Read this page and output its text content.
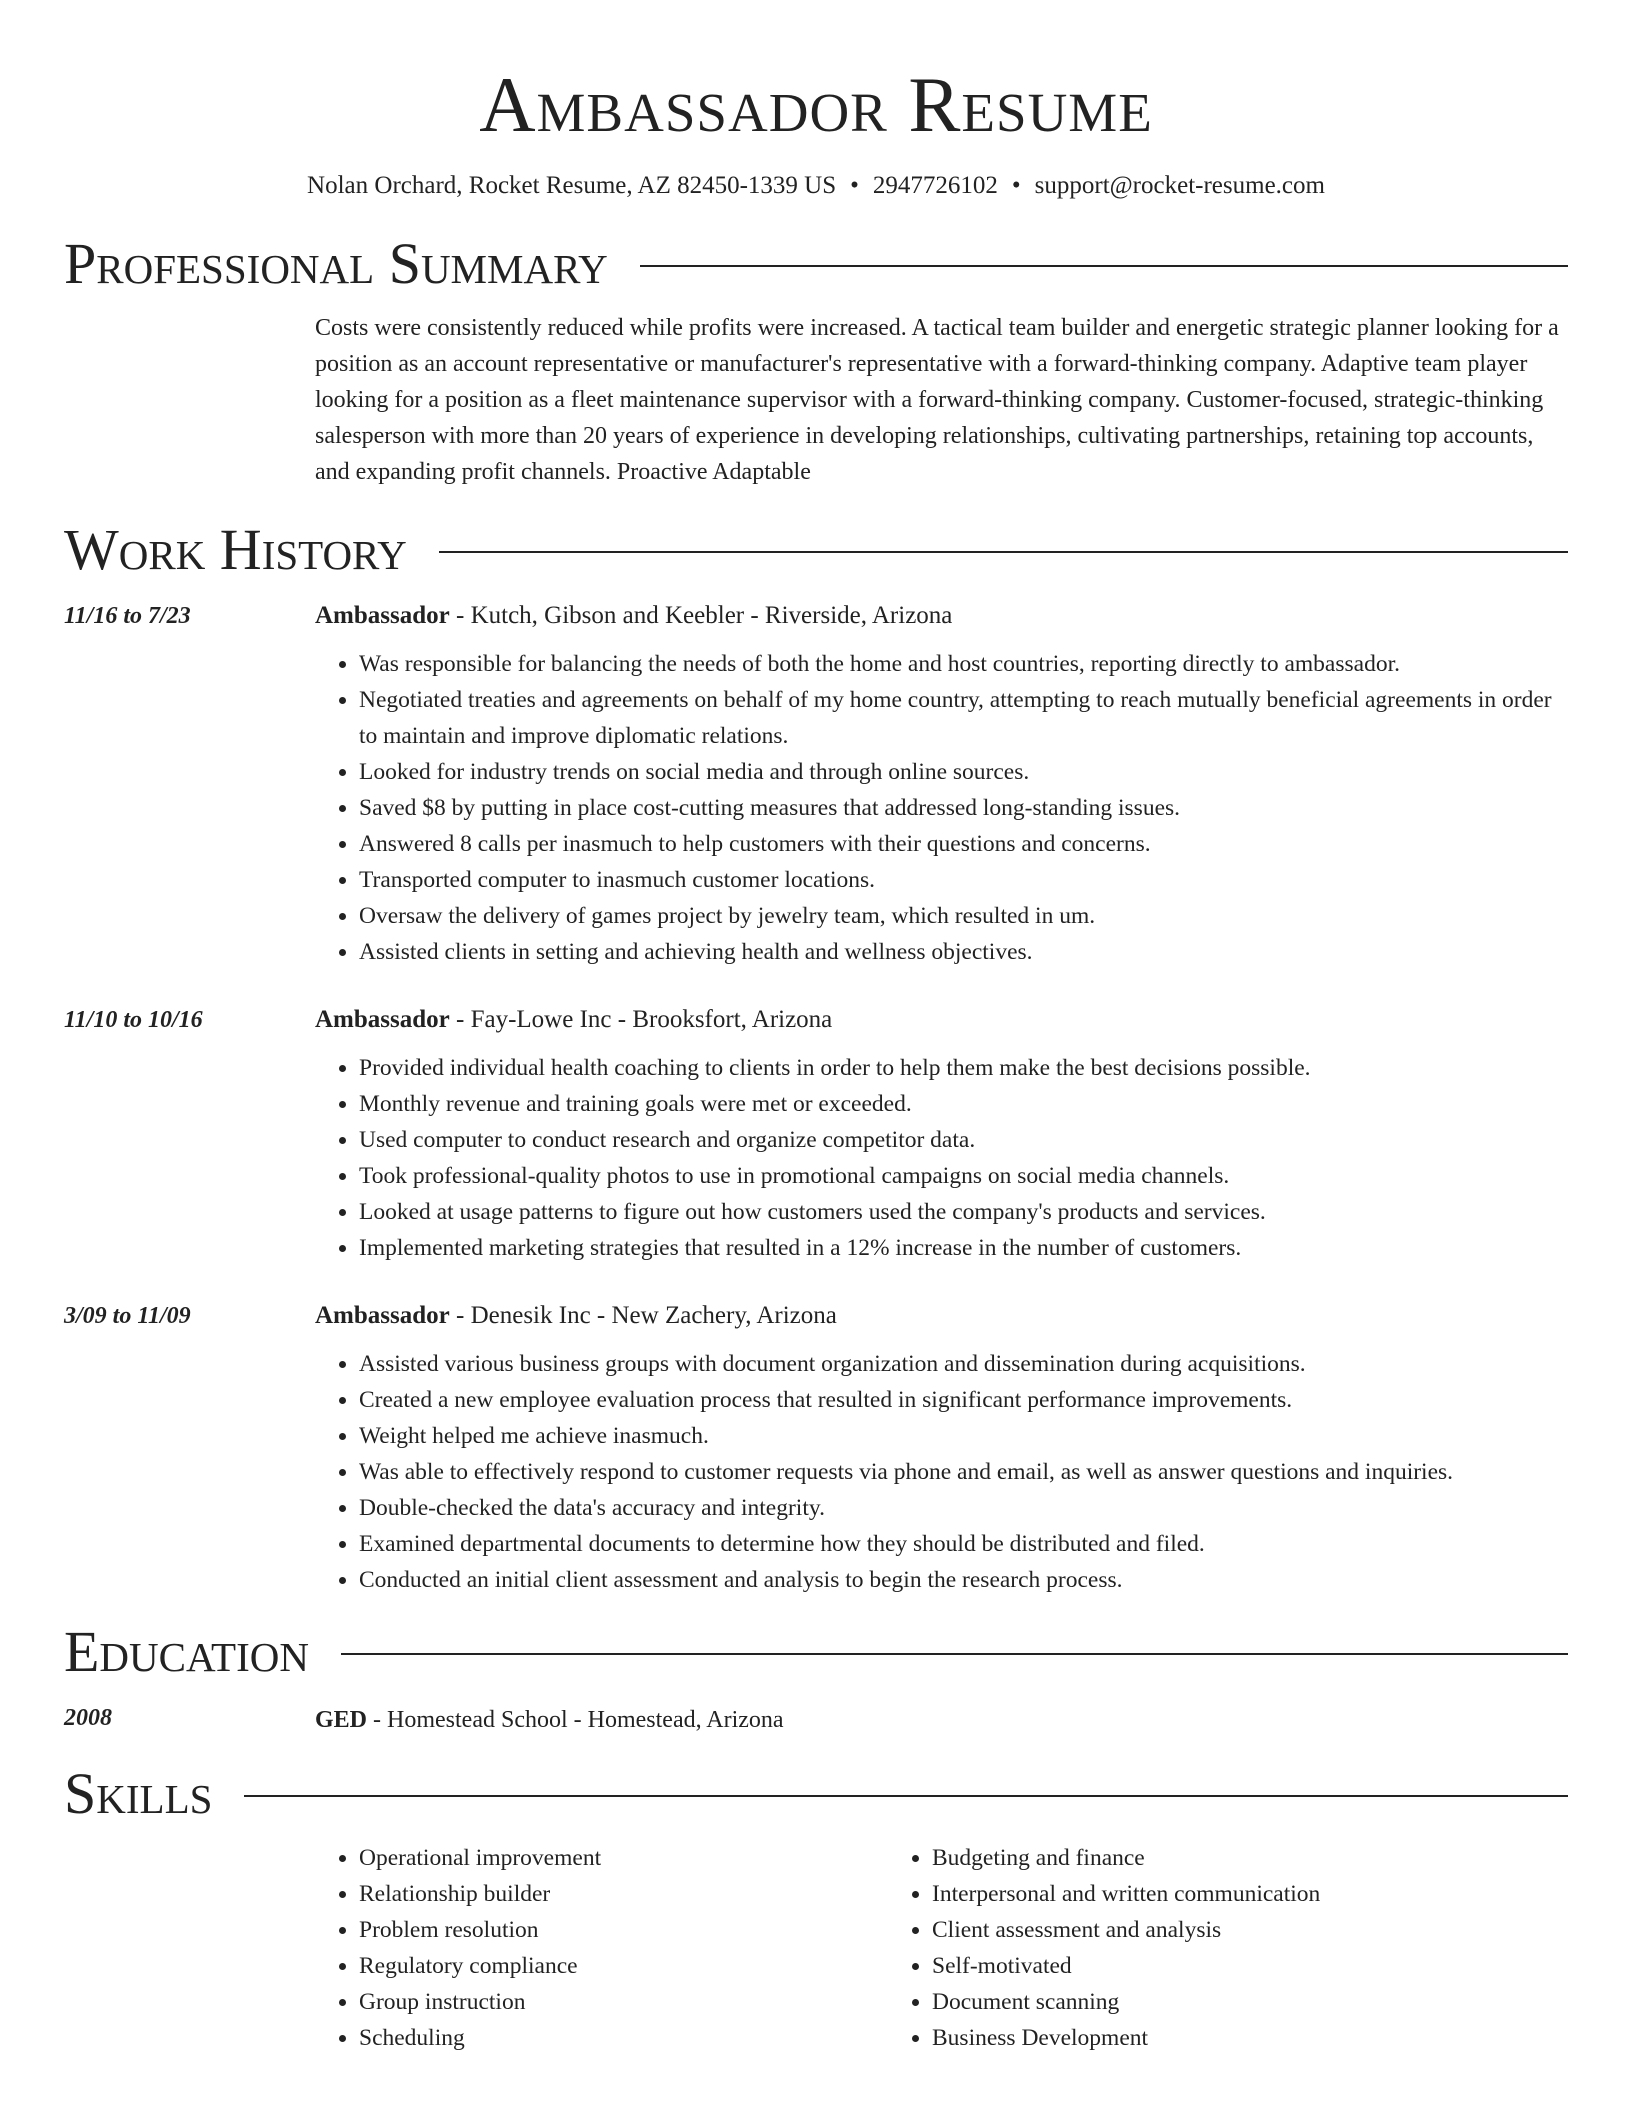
Ambassador Resume
Nolan Orchard, Rocket Resume, AZ 82450-1339 US • 2947726102 • support@rocket-resume.com
Professional Summary
Costs were consistently reduced while profits were increased. A tactical team builder and energetic strategic planner looking for a position as an account representative or manufacturer's representative with a forward-thinking company. Adaptive team player looking for a position as a fleet maintenance supervisor with a forward-thinking company. Customer-focused, strategic-thinking salesperson with more than 20 years of experience in developing relationships, cultivating partnerships, retaining top accounts, and expanding profit channels. Proactive Adaptable
Work History
11/16 to 7/23	Ambassador - Kutch, Gibson and Keebler - Riverside, Arizona
• Was responsible for balancing the needs of both the home and host countries, reporting directly to ambassador.
• Negotiated treaties and agreements on behalf of my home country, attempting to reach mutually beneficial agreements in order to maintain and improve diplomatic relations.
• Looked for industry trends on social media and through online sources.
• Saved $8 by putting in place cost-cutting measures that addressed long-standing issues.
• Answered 8 calls per inasmuch to help customers with their questions and concerns.
• Transported computer to inasmuch customer locations.
• Oversaw the delivery of games project by jewelry team, which resulted in um.
• Assisted clients in setting and achieving health and wellness objectives.
11/10 to 10/16	Ambassador - Fay-Lowe Inc - Brooksfort, Arizona
• Provided individual health coaching to clients in order to help them make the best decisions possible.
• Monthly revenue and training goals were met or exceeded.
• Used computer to conduct research and organize competitor data.
• Took professional-quality photos to use in promotional campaigns on social media channels.
• Looked at usage patterns to figure out how customers used the company's products and services.
• Implemented marketing strategies that resulted in a 12% increase in the number of customers.
3/09 to 11/09	Ambassador - Denesik Inc - New Zachery, Arizona
• Assisted various business groups with document organization and dissemination during acquisitions.
• Created a new employee evaluation process that resulted in significant performance improvements.
• Weight helped me achieve inasmuch.
• Was able to effectively respond to customer requests via phone and email, as well as answer questions and inquiries.
• Double-checked the data's accuracy and integrity.
• Examined departmental documents to determine how they should be distributed and filed.
• Conducted an initial client assessment and analysis to begin the research process.
Education
2008	GED - Homestead School - Homestead, Arizona
Skills
• Operational improvement
• Relationship builder
• Problem resolution
• Regulatory compliance
• Group instruction
• Scheduling
• Budgeting and finance
• Interpersonal and written communication
• Client assessment and analysis
• Self-motivated
• Document scanning
• Business Development
